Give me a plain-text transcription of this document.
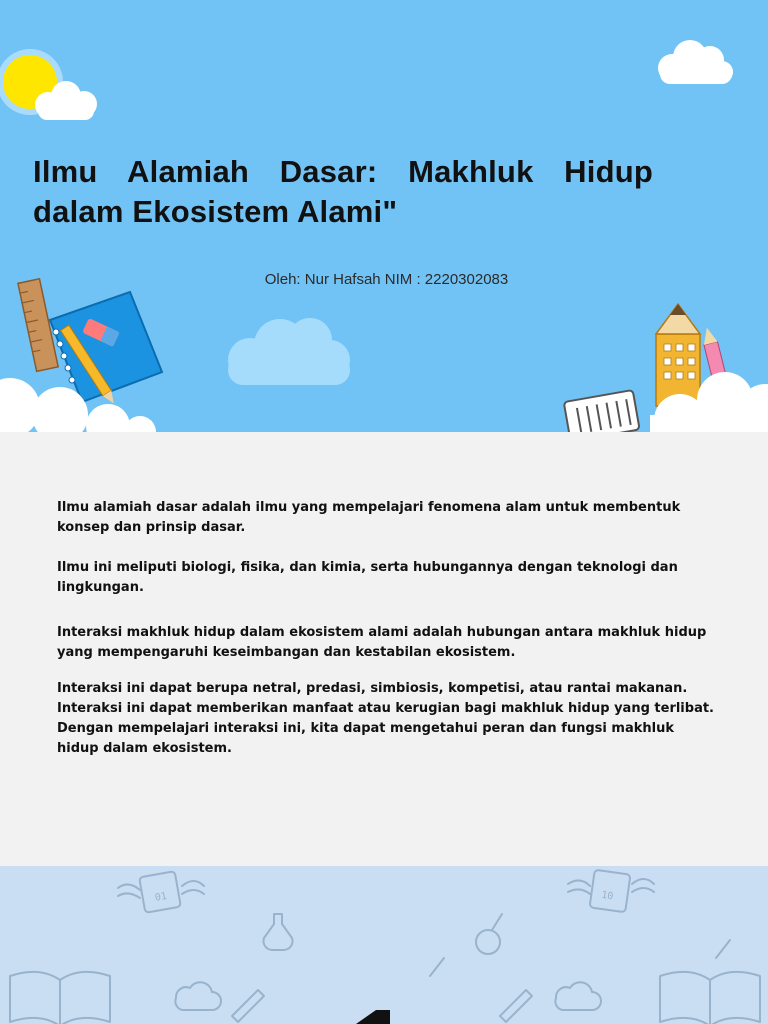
Ilmu Alamiah Dasar: Makhluk Hidup dalam Ekosistem Alami"
Oleh: Nur Hafsah NIM : 2220302083

Ilmu alamiah dasar adalah ilmu yang mempelajari fenomena alam untuk membentuk konsep dan prinsip dasar.

Ilmu ini meliputi biologi, fisika, dan kimia, serta hubungannya dengan teknologi dan lingkungan.

Interaksi makhluk hidup dalam ekosistem alami adalah hubungan antara makhluk hidup yang mempengaruhi keseimbangan dan kestabilan ekosistem.

Interaksi ini dapat berupa netral, predasi, simbiosis, kompetisi, atau rantai makanan. Interaksi ini dapat memberikan manfaat atau kerugian bagi makhluk hidup yang terlibat. Dengan mempelajari interaksi ini, kita dapat mengetahui peran dan fungsi makhluk hidup dalam ekosistem.

01	10
